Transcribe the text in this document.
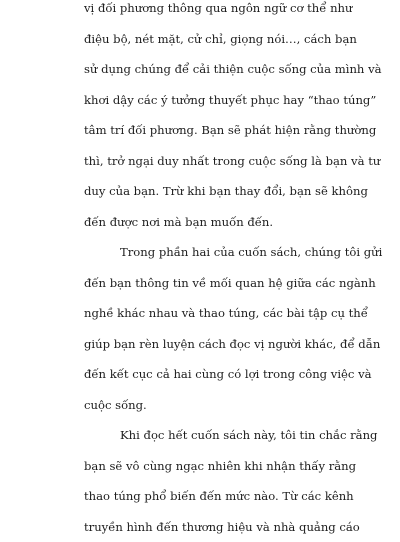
vị đối phương thông qua ngôn ngữ cơ thể như
điệu bộ, nét mặt, cử chỉ, giọng nói…, cách bạn
sử dụng chúng để cải thiện cuộc sống của mình và
khơi dậy các ý tưởng thuyết phục hay “thao túng”
tâm trí đối phương. Bạn sẽ phát hiện rằng thường
thì, trở ngại duy nhất trong cuộc sống là bạn và tư
duy của bạn. Trừ khi bạn thay đổi, bạn sẽ không
đến được nơi mà bạn muốn đến.
Trong phần hai của cuốn sách, chúng tôi gửi
đến bạn thông tin về mối quan hệ giữa các ngành
nghề khác nhau và thao túng, các bài tập cụ thể
giúp bạn rèn luyện cách đọc vị người khác, để dẫn
đến kết cục cả hai cùng có lợi trong công việc và
cuộc sống.
Khi đọc hết cuốn sách này, tôi tin chắc rằng
bạn sẽ vô cùng ngạc nhiên khi nhận thấy rằng
thao túng phổ biến đến mức nào. Từ các kênh
truyền hình đến thương hiệu và nhà quảng cáo
